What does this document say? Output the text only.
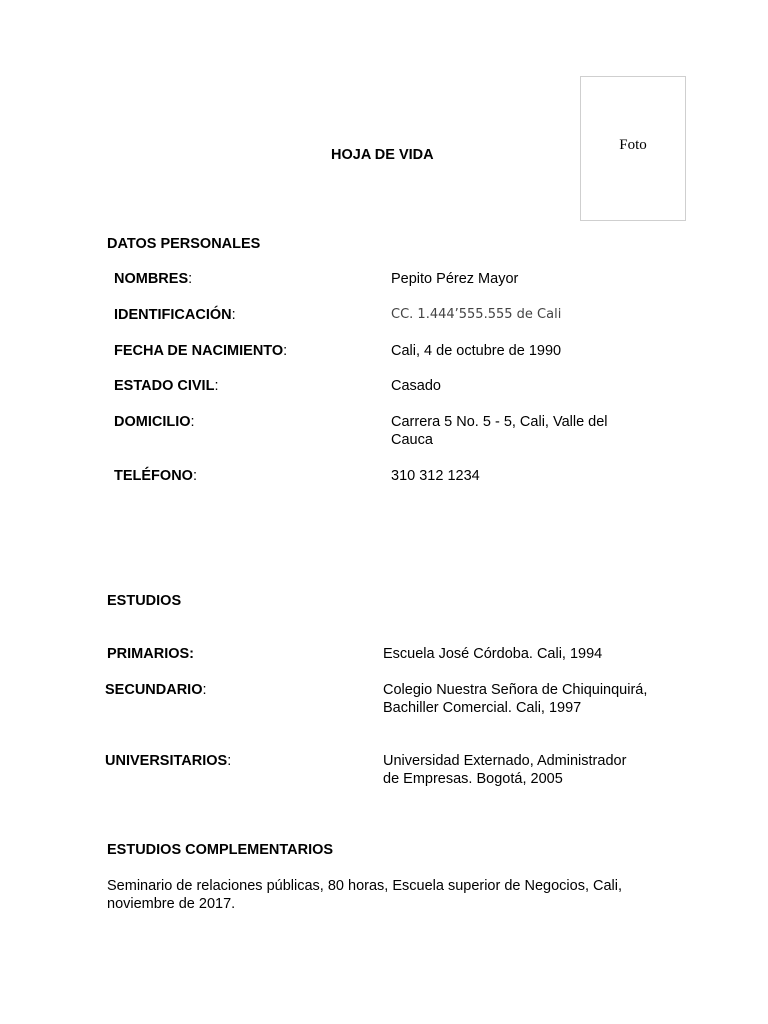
Foto
HOJA DE VIDA
DATOS PERSONALES
NOMBRES:	Pepito Pérez Mayor
IDENTIFICACIÓN:	CC. 1.444’555.555 de Cali
FECHA DE NACIMIENTO:	Cali, 4 de octubre de 1990
ESTADO CIVIL:	Casado
DOMICILIO:	Carrera 5 No. 5 - 5, Cali, Valle del Cauca
TELÉFONO:	310 312 1234
ESTUDIOS
PRIMARIOS:	Escuela José Córdoba. Cali, 1994
SECUNDARIO:	Colegio Nuestra Señora de Chiquinquirá, Bachiller Comercial. Cali, 1997
UNIVERSITARIOS:	Universidad Externado, Administrador de Empresas. Bogotá, 2005
ESTUDIOS COMPLEMENTARIOS
Seminario de relaciones públicas, 80 horas, Escuela superior de Negocios, Cali, noviembre de 2017.
